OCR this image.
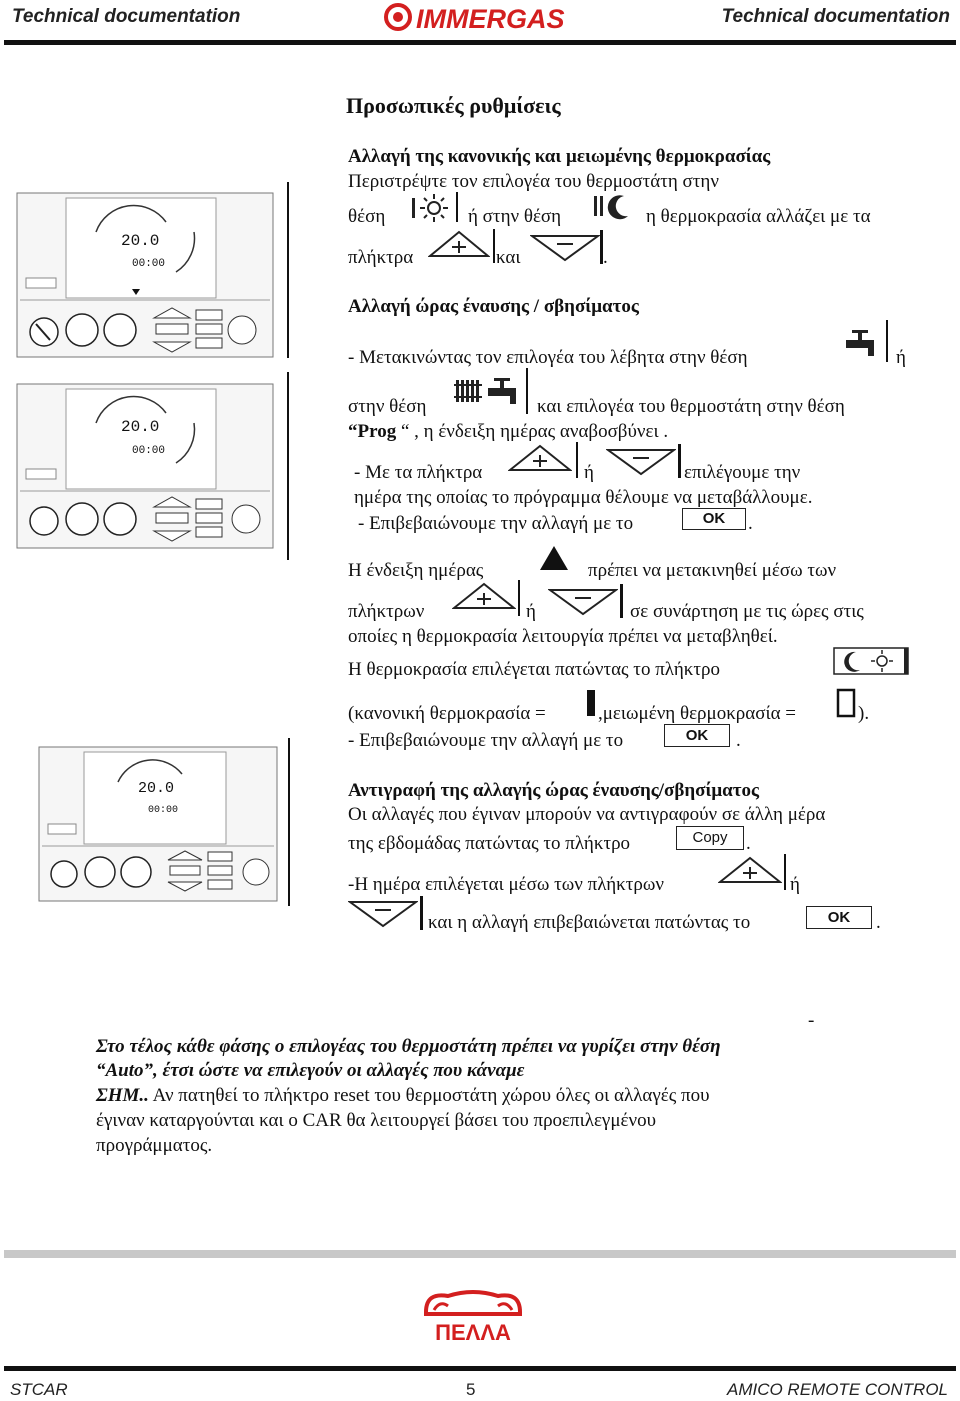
Technical documentation	IMMERGAS	Technical documentation
20.0
00:00
20.0
00:00
20.0
00:00
Προσωπικές ρυθμίσεις
Αλλαγή της κανονικής και μειωμένης θερμοκρασίας
Περιστρέψτε τον επιλογέα του θερμοστάτη στην
θέση	ή στην θέση	η θερμοκρασία αλλάζει με τα
πλήκτρα	και	.
Αλλαγή ώρας έναυσης / σβησίματος
- Μετακινώντας τον επιλογέα του λέβητα στην θέση	ή
στην θέση	και επιλογέα του θερμοστάτη στην θέση
“Prog “ , η ένδειξη ημέρας αναβοσβύνει .
- Με τα πλήκτρα	ή	επιλέγουμε την
ημέρα της οποίας το πρόγραμμα θέλουμε να μεταβάλλουμε.
- Επιβεβαιώνουμε την αλλαγή με το	OK	.
Η ένδειξη ημέρας	πρέπει να μετακινηθεί μέσω των
πλήκτρων	ή	σε συνάρτηση με τις ώρες στις
οποίες η θερμοκρασία λειτουργία πρέπει να μεταβληθεί.
Η θερμοκρασία επιλέγεται πατώντας το πλήκτρο
(κανονική θερμοκρασία =	,μειωμένη θερμοκρασία =	).
- Επιβεβαιώνουμε την αλλαγή με το	OK	.
Αντιγραφή της αλλαγής ώρας έναυσης/σβησίματος
Οι αλλαγές που έγιναν μπορούν να αντιγραφούν σε άλλη μέρα
της εβδομάδας πατώντας το πλήκτρο	Copy .
-Η ημέρα επιλέγεται μέσω των πλήκτρων	ή
και η αλλαγή επιβεβαιώνεται πατώντας το	OK	.
-
Στο τέλος κάθε φάσης ο επιλογέας του θερμοστάτη πρέπει να γυρίζει στην θέση
“Auto”, έτσι ώστε να επιλεγούν οι αλλαγές που κάναμε
ΣΗΜ.. Αν πατηθεί το πλήκτρο reset του θερμοστάτη χώρου όλες οι αλλαγές που
έγιναν καταργούνται και ο CAR θα λειτουργεί βάσει του προεπιλεγμένου
προγράμματος.
ΠΕΛΛΑ
STCAR	5	AMICO REMOTE CONTROL
